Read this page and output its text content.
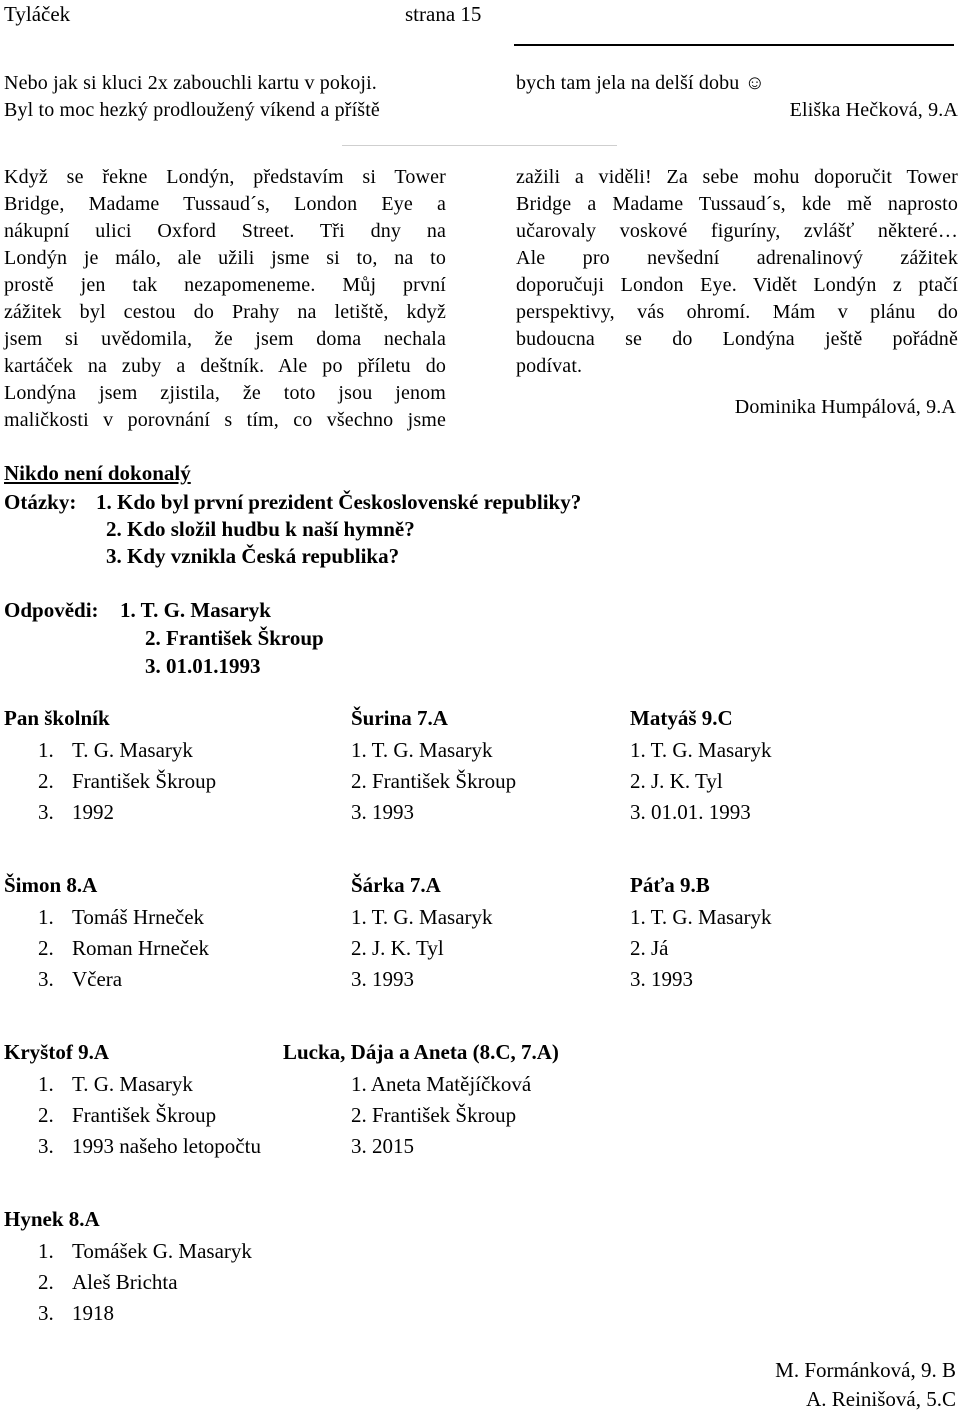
Tyláček	strana 15
Nebo jak si kluci 2x zabouchli kartu v pokoji.
Byl to moc hezký prodloužený víkend a příště
bych tam jela na delší dobu ☺
Eliška Hečková, 9.A
Když se řekne Londýn, představím si Tower
Bridge, Madame Tussaud´s, London Eye a
nákupní ulici Oxford Street. Tři dny na
Londýn je málo, ale užili jsme si to, na to
prostě jen tak nezapomeneme. Můj první
zážitek byl cestou do Prahy na letiště, když
jsem si uvědomila, že jsem doma nechala
kartáček na zuby a deštník. Ale po příletu do
Londýna jsem zjistila, že toto jsou jenom
maličkosti v porovnání s tím, co všechno jsme
zažili a viděli! Za sebe mohu doporučit Tower
Bridge a Madame Tussaud´s, kde mě naprosto
učarovaly voskové figuríny, zvlášť některé…
Ale pro nevšední adrenalinový zážitek
doporučuji London Eye. Vidět Londýn z ptačí
perspektivy, vás ohromí. Mám v plánu do
budoucna se do Londýna ještě pořádně
podívat.
Dominika Humpálová, 9.A
Nikdo není dokonalý
Otázky: 1. Kdo byl první prezident Československé republiky?
2. Kdo složil hudbu k naší hymně?
3. Kdy vznikla Česká republika?
Odpovědi: 1. T. G. Masaryk
2. František Škroup
3. 01.01.1993
Pan školník
1. T. G. Masaryk
2. František Škroup
3. 1992
Šurina 7.A
1. T. G. Masaryk
2. František Škroup
3. 1993
Matyáš 9.C
1. T. G. Masaryk
2. J. K. Tyl
3. 01.01. 1993
Šimon 8.A
1. Tomáš Hrneček
2. Roman Hrneček
3. Včera
Šárka 7.A
1. T. G. Masaryk
2. J. K. Tyl
3. 1993
Páťa 9.B
1. T. G. Masaryk
2. Já
3. 1993
Kryštof 9.A
1. T. G. Masaryk
2. František Škroup
3. 1993 našeho letopočtu
Lucka, Dája a Aneta (8.C, 7.A)
1. Aneta Matějíčková
2. František Škroup
3. 2015
Hynek 8.A
1. Tomášek G. Masaryk
2. Aleš Brichta
3. 1918
M. Formánková, 9. B
A. Reinišová, 5.C
